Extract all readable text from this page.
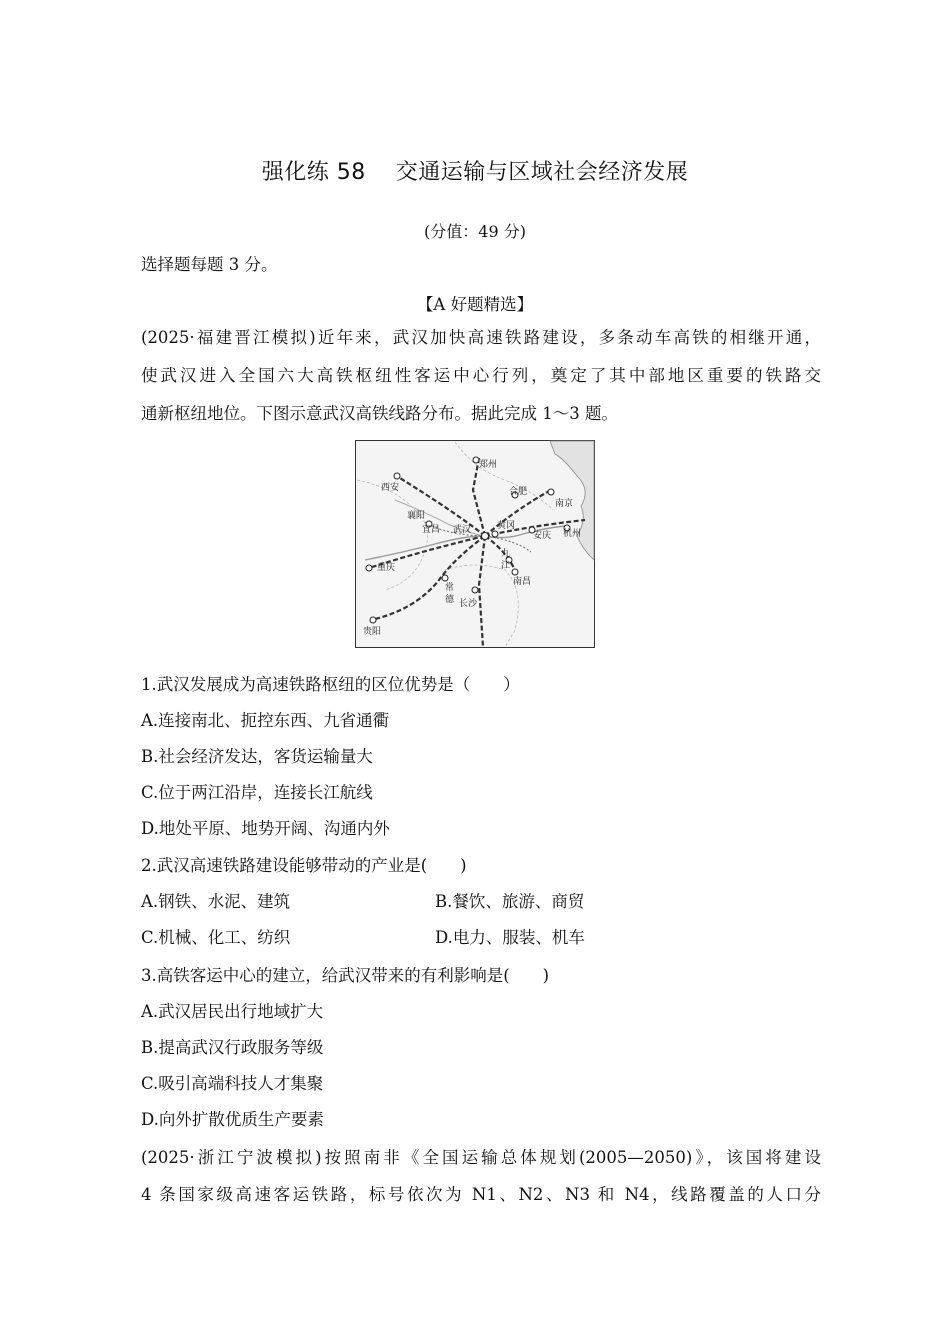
强化练 58    交通运输与区域社会经济发展
(分值：49 分)
选择题每题 3 分。
【A 好题精选】
(2025·福建晋江模拟)近年来，武汉加快高速铁路建设，多条动车高铁的相继开通，
使武汉进入全国六大高铁枢纽性客运中心行列，奠定了其中部地区重要的铁路交
通新枢纽地位。下图示意武汉高铁线路分布。据此完成 1～3 题。
郑州
西安	合肥
南京
襄阳
宜昌 武汉	黄冈
安庆 杭州
重庆
九
江
南昌
常
德 长沙
贵阳
1.武汉发展成为高速铁路枢纽的区位优势是（　　）
A.连接南北、扼控东西、九省通衢
B.社会经济发达，客货运输量大
C.位于两江沿岸，连接长江航线
D.地处平原、地势开阔、沟通内外
2.武汉高速铁路建设能够带动的产业是(　　)
A.钢铁、水泥、建筑	B.餐饮、旅游、商贸
C.机械、化工、纺织	D.电力、服装、机车
3.高铁客运中心的建立，给武汉带来的有利影响是(　　)
A.武汉居民出行地域扩大
B.提高武汉行政服务等级
C.吸引高端科技人才集聚
D.向外扩散优质生产要素
(2025·浙江宁波模拟)按照南非《全国运输总体规划(2005—2050)》，该国将建设
4 条国家级高速客运铁路，标号依次为 N1、N2、N3 和 N4，线路覆盖的人口分
